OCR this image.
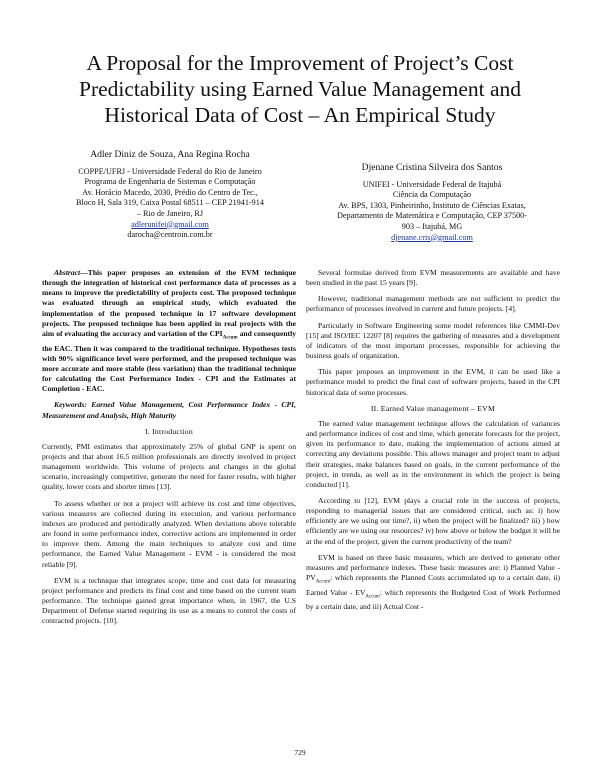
A Proposal for the Improvement of Project’s Cost Predictability using Earned Value Management and Historical Data of Cost – An Empirical Study
Adler Diniz de Souza, Ana Regina Rocha
COPPE/UFRJ - Universidade Federal do Rio de Janeiro
Programa de Engenharia de Sistemas e Computação
Av. Horácio Macedo, 2030, Prédio do Centro de Tec.,
Bloco H, Sala 319, Caixa Postal 68511 – CEP 21941-914
– Rio de Janeiro, RJ
adlerunifei@gmail.com
darocha@centroin.com.br
Djenane Cristina Silveira dos Santos
UNIFEI - Universidade Federal de Itajubá
Ciência da Computação
Av. BPS, 1303, Pinheirinho, Instituto de Ciências Exatas,
Departamento de Matemática e Computação, CEP 37500-
903 – Itajubá, MG
djenane.cris@gmail.com

Abstract—This paper proposes an extension of the EVM technique through the integration of historical cost performance data of processes as a means to improve the predictability of projects cost. The proposed technique was evaluated through an empirical study, which evaluated the implementation of the proposed technique in 17 software development projects. The proposed technique has been applied in real projects with the aim of evaluating the accuracy and variation of the $CPI_{Accum}$ and consequently the EAC. Then it was compared to the traditional technique. Hypotheses tests with 90% significance level were performed, and the proposed technique was more accurate and more stable (less variation) than the traditional technique for calculating the Cost Performance Index - CPI and the Estimates at Completion - EAC.

Keywords: Earned Value Management, Cost Performance Index - CPI, Measurement and Analysis, High Maturity

I. Introduction

Currently, PMI estimates that approximately 25% of global GNP is spent on projects and that about 16.5 million professionals are directly involved in project management worldwide. This volume of projects and changes in the global scenario, increasingly competitive, generate the need for faster results, with higher quality, lower costs and shorter times [13].

To assess whether or not a project will achieve its cost and time objectives, various measures are collected during its execution, and various performance indexes are produced and periodically analyzed. When deviations above tolerable are found in some performance index, corrective actions are implemented in order to improve them. Among the main techniques to analyze cost and time performance, the Earned Value Management - EVM - is considered the most reliable [9].

EVM is a technique that integrates scope, time and cost data for measuring project performance and predicts its final cost and time based on the current team performance. The technique gained great importance when, in 1967, the U.S Department of Defense started requiring its use as a means to control the costs of contracted projects. [10].

Several formulae derived from EVM measurements are available and have been studied in the past 15 years [9].

However, traditional management methods are not sufficient to predict the performance of processes involved in current and future projects. [4].

Particularly in Software Engineering some model references like CMMI-Dev [15] and ISO/IEC 12207 [8] requires the gathering of measures and a development of indicators of the most important processes, responsible for achieving the business goals of organization.

This paper proposes an improvement in the EVM, it can be used like a performance model to predict the final cost of software projects, based in the CPI historical data of some processes.

II. Earned Value management – EVM

The earned value management technique allows the calculation of variances and performance indices of cost and time, which generate forecasts for the project, given its performance to date, making the implementation of actions aimed at correcting any deviations possible. This allows manager and project team to adjust their strategies, make balances based on goals, in the current performance of the project, in trends, as well as in the environment in which the project is being conducted [1].

According to [12], EVM plays a crucial role in the success of projects, responding to managerial issues that are considered critical, such as: i) how efficiently are we using our time?, ii) when the project will be finalized? iii) ) how efficiently are we using our resources? iv) how above or below the budget it will be at the end of the project, given the current productivity of the team?

EVM is based on three basic measures, which are derived to generate other measures and performance indexes. These basic measures are: i) Planned Value - $PV_{Accum}$: which represents the Planned Costs accumulated up to a certain date, ii) Earned Value - $EV_{Accum}$: which represents the Budgeted Cost of Work Performed by a certain date, and iii) Actual Cost -

729
